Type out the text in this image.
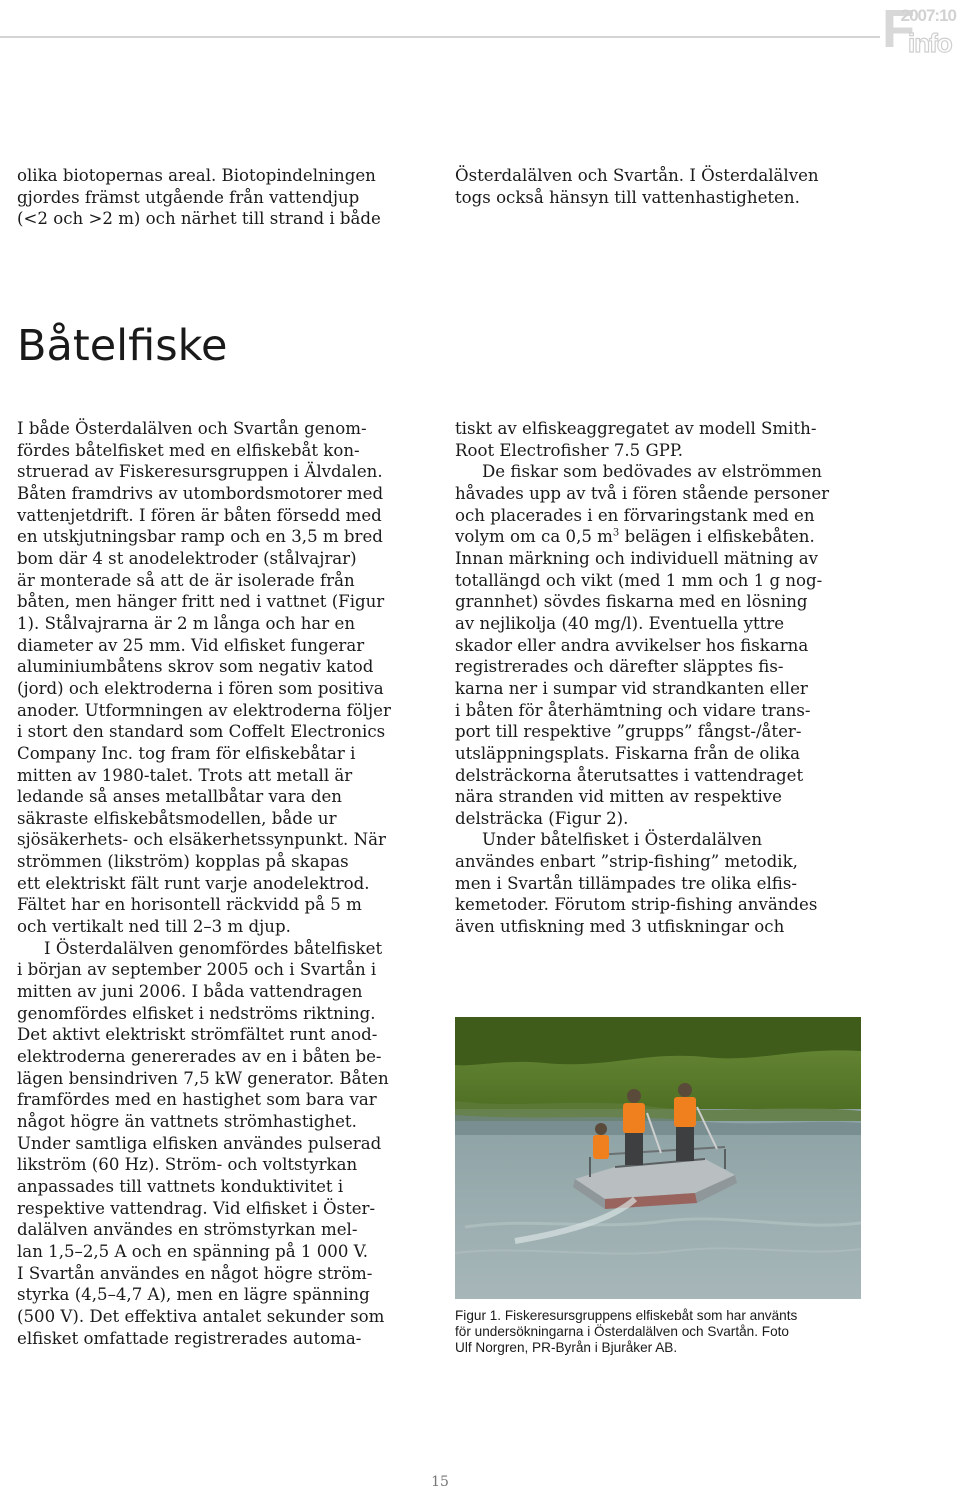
F
2007:10
info

olika biotopernas areal. Biotopindelningen
gjordes främst utgående från vattendjup
(<2 och >2 m) och närhet till strand i både

Österdalälven och Svartån. I Österdalälven
togs också hänsyn till vattenhastigheten.

Båtelfiske

I både Österdalälven och Svartån genom-
fördes båtelfisket med en elfiskebåt kon-
struerad av Fiskeresursgruppen i Älvdalen.
Båten framdrivs av utombordsmotorer med
vattenjetdrift. I fören är båten försedd med
en utskjutningsbar ramp och en 3,5 m bred
bom där 4 st anodelektroder (stålvajrar)
är monterade så att de är isolerade från
båten, men hänger fritt ned i vattnet (Figur
1). Stålvajrarna är 2 m långa och har en
diameter av 25 mm. Vid elfisket fungerar
aluminiumbåtens skrov som negativ katod
(jord) och elektroderna i fören som positiva
anoder. Utformningen av elektroderna följer
i stort den standard som Coffelt Electronics
Company Inc. tog fram för elfiskebåtar i
mitten av 1980-talet. Trots att metall är
ledande så anses metallbåtar vara den
säkraste elfiskebåtsmodellen, både ur
sjösäkerhets- och elsäkerhetssynpunkt. När
strömmen (likström) kopplas på skapas
ett elektriskt fält runt varje anodelektrod.
Fältet har en horisontell räckvidd på 5 m
och vertikalt ned till 2–3 m djup.

I Österdalälven genomfördes båtelfisket
i början av september 2005 och i Svartån i
mitten av juni 2006. I båda vattendragen
genomfördes elfisket i nedströms riktning.
Det aktivt elektriskt strömfältet runt anod-
elektroderna genererades av en i båten be-
lägen bensindriven 7,5 kW generator. Båten
framfördes med en hastighet som bara var
något högre än vattnets strömhastighet.
Under samtliga elfisken användes pulserad
likström (60 Hz). Ström- och voltstyrkan
anpassades till vattnets konduktivitet i
respektive vattendrag. Vid elfisket i Öster-
dalälven användes en strömstyrkan mel-
lan 1,5–2,5 A och en spänning på 1 000 V.
I Svartån användes en något högre ström-
styrka (4,5–4,7 A), men en lägre spänning
(500 V). Det effektiva antalet sekunder som
elfisket omfattade registrerades automa-

tiskt av elfiskeaggregatet av modell Smith-
Root Electrofisher 7.5 GPP.

De fiskar som bedövades av elströmmen
håvades upp av två i fören stående personer
och placerades i en förvaringstank med en
volym om ca 0,5 $m^3$ belägen i elfiskebåten.
Innan märkning och individuell mätning av
totallängd och vikt (med 1 mm och 1 g nog-
grannhet) sövdes fiskarna med en lösning
av nejlikolja (40 mg/l). Eventuella yttre
skador eller andra avvikelser hos fiskarna
registrerades och därefter släpptes fis-
karna ner i sumpar vid strandkanten eller
i båten för återhämtning och vidare trans-
port till respektive ”grupps” fångst-/åter-
utsläppningsplats. Fiskarna från de olika
delsträckorna återutsattes i vattendraget
nära stranden vid mitten av respektive
delsträcka (Figur 2).

Under båtelfisket i Österdalälven
användes enbart ”strip-fishing” metodik,
men i Svartån tillämpades tre olika elfis-
kemetoder. Förutom strip-fishing användes
även utfiskning med 3 utfiskningar och

Figur 1. Fiskeresursgruppens elfiskebåt som har använts
för undersökningarna i Österdalälven och Svartån. Foto
Ulf Norgren, PR-Byrån i Bjuråker AB.

15
